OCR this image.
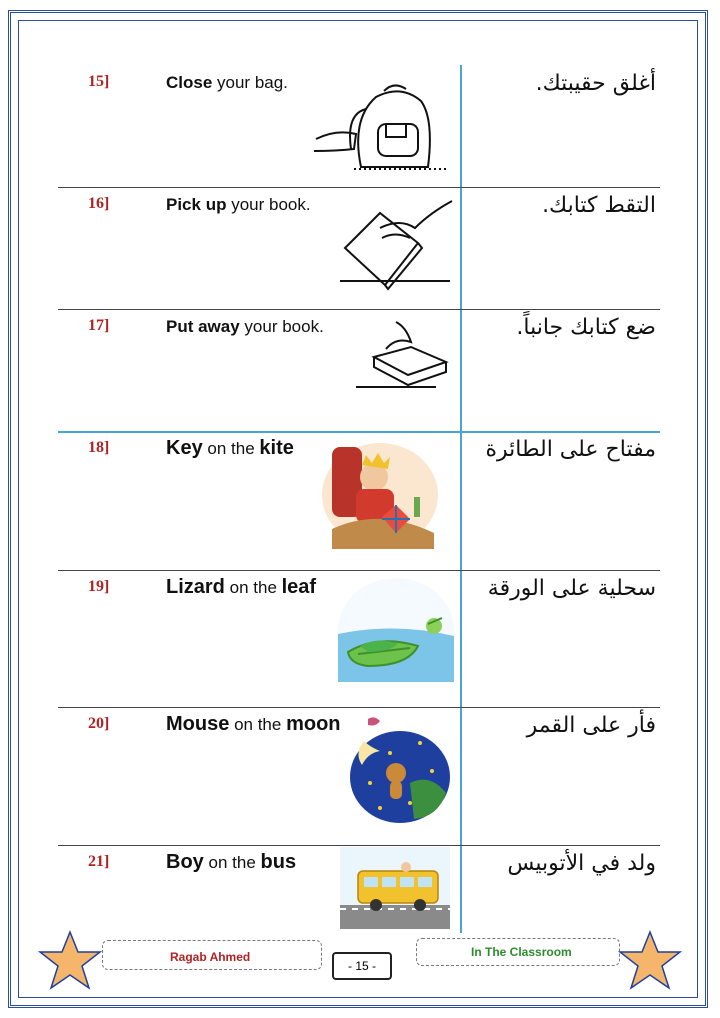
15]	Close your bag.	أغلق حقيبتك.
16]	Pick up your book.	التقط كتابك.
17]	Put away your book.	ضع كتابك جانباً.
18]	Key on the kite	مفتاح على الطائرة
19]	Lizard on the leaf	سحلية على الورقة
20]	Mouse on the moon	فأر على القمر
21]	Boy on the bus	ولد في الأتوبيس
Ragab Ahmed
- 15 -
In The Classroom
